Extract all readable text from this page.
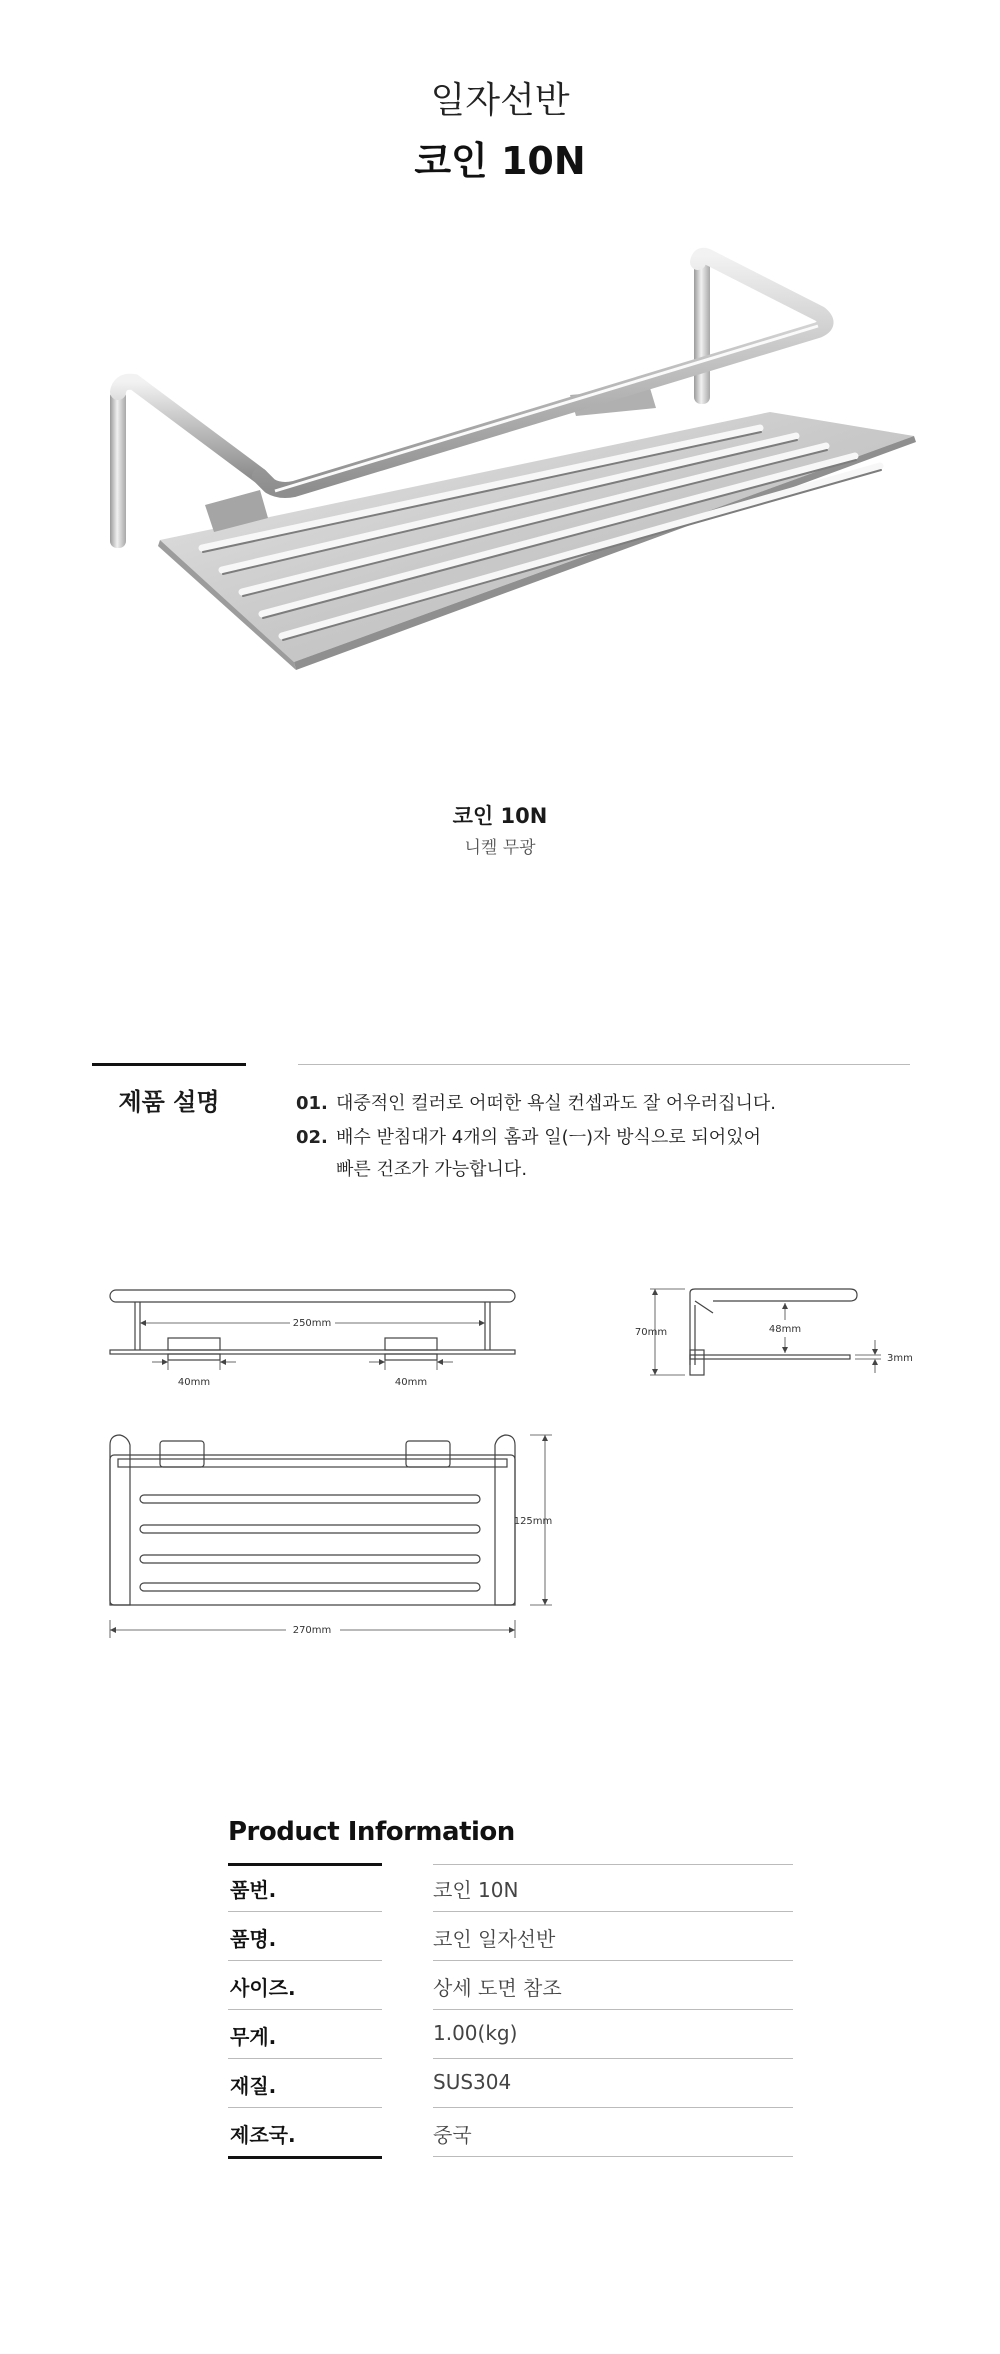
일자선반
코인 10N
코인 10N
니켈 무광
제품 설명	01. 대중적인 컬러로 어떠한 욕실 컨셉과도 잘 어우러집니다.
02. 배수 받침대가 4개의 홈과 일(ㅡ)자 방식으로 되어있어
빠른 건조가 가능합니다.
250mm
40mm	40mm
70mm	48mm
3mm
270mm
125mm
Product Information
품번.	코인 10N
품명.	코인 일자선반
사이즈.	상세 도면 참조
무게.	1.00(kg)
재질.	SUS304
제조국.	중국
